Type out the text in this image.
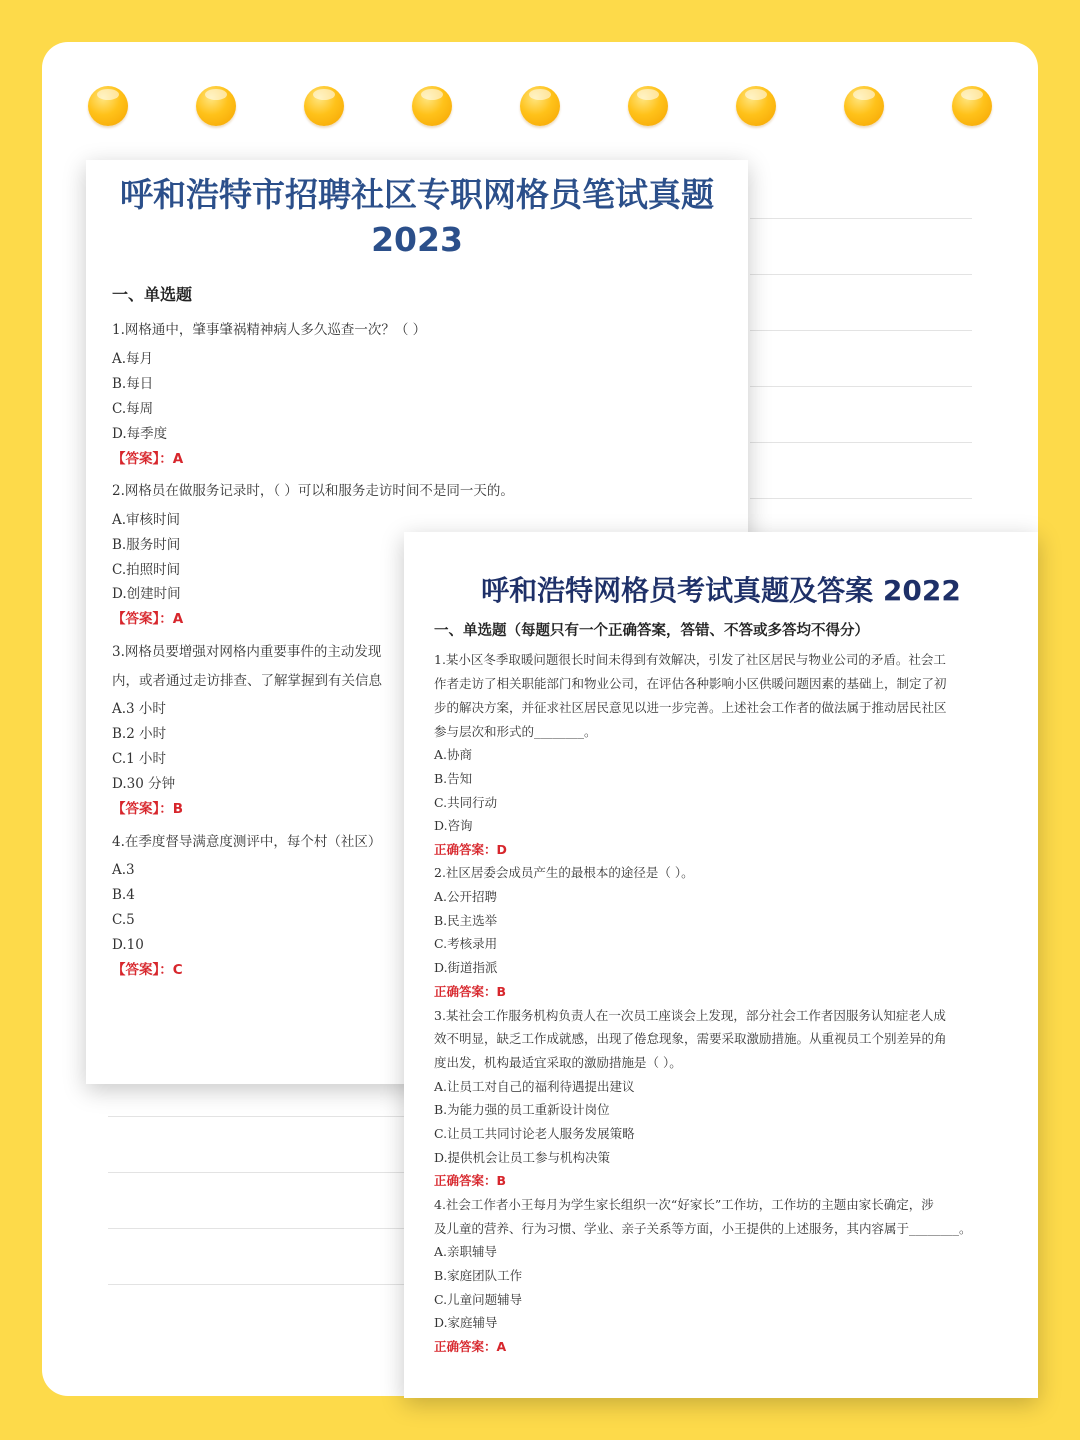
呼和浩特市招聘社区专职网格员笔试真题 2023
一、单选题
1.网格通中，肇事肇祸精神病人多久巡查一次？（ ）
A.每月
B.每日
C.每周
D.每季度
【答案】：A
2.网格员在做服务记录时，（ ）可以和服务走访时间不是同一天的。
A.审核时间
B.服务时间
C.拍照时间
D.创建时间
【答案】：A
3.网格员要增强对网格内重要事件的主动发现
内，或者通过走访排查、了解掌握到有关信息
A.3 小时
B.2 小时
C.1 小时
D.30 分钟
【答案】：B
4.在季度督导满意度测评中，每个村（社区）
A.3
B.4
C.5
D.10
【答案】：C
呼和浩特网格员考试真题及答案 2022
一、单选题（每题只有一个正确答案，答错、不答或多答均不得分）
1.某小区冬季取暖问题很长时间未得到有效解决，引发了社区居民与物业公司的矛盾。社会工
作者走访了相关职能部门和物业公司，在评估各种影响小区供暖问题因素的基础上，制定了初
步的解决方案，并征求社区居民意见以进一步完善。上述社会工作者的做法属于推动居民社区
参与层次和形式的________。
A.协商
B.告知
C.共同行动
D.咨询
正确答案：D
2.社区居委会成员产生的最根本的途径是（ ）。
A.公开招聘
B.民主选举
C.考核录用
D.街道指派
正确答案：B
3.某社会工作服务机构负责人在一次员工座谈会上发现，部分社会工作者因服务认知症老人成
效不明显，缺乏工作成就感，出现了倦怠现象，需要采取激励措施。从重视员工个别差异的角
度出发，机构最适宜采取的激励措施是（ ）。
A.让员工对自己的福利待遇提出建议
B.为能力强的员工重新设计岗位
C.让员工共同讨论老人服务发展策略
D.提供机会让员工参与机构决策
正确答案：B
4.社会工作者小王每月为学生家长组织一次“好家长”工作坊，工作坊的主题由家长确定，涉
及儿童的营养、行为习惯、学业、亲子关系等方面，小王提供的上述服务，其内容属于________。
A.亲职辅导
B.家庭团队工作
C.儿童问题辅导
D.家庭辅导
正确答案：A
